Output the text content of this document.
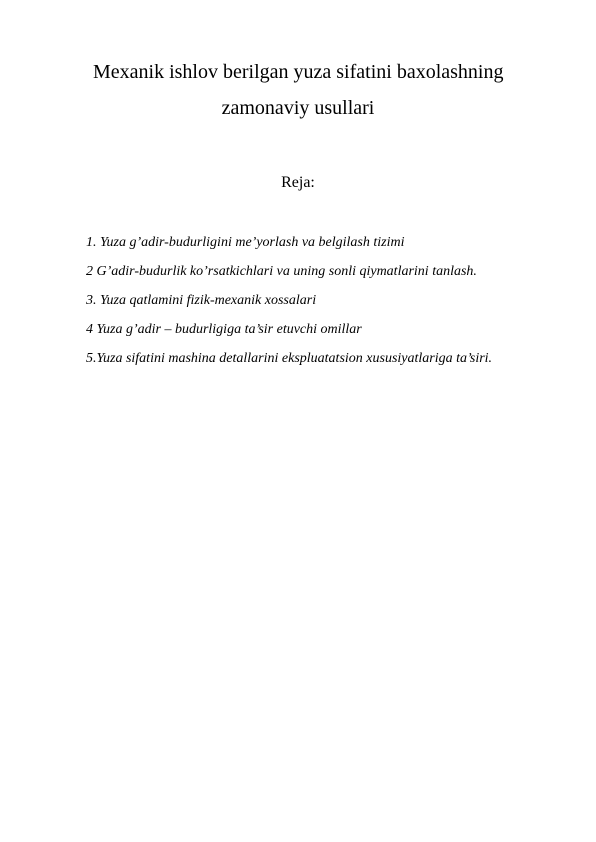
Mexanik ishlov berilgan yuza sifatini baxolashning
zamonaviy usullari
Reja:
1. Yuza g’adir-budurligini me’yorlash va belgilash tizimi
2 G’adir-budurlik ko’rsatkichlari va uning sonli qiymatlarini tanlash.
3. Yuza qatlamini fizik-mexanik xossalari
4 Yuza g’adir – budurligiga ta’sir etuvchi omillar
5.Yuza sifatini mashina detallarini ekspluatatsion xususiyatlariga ta’siri.
